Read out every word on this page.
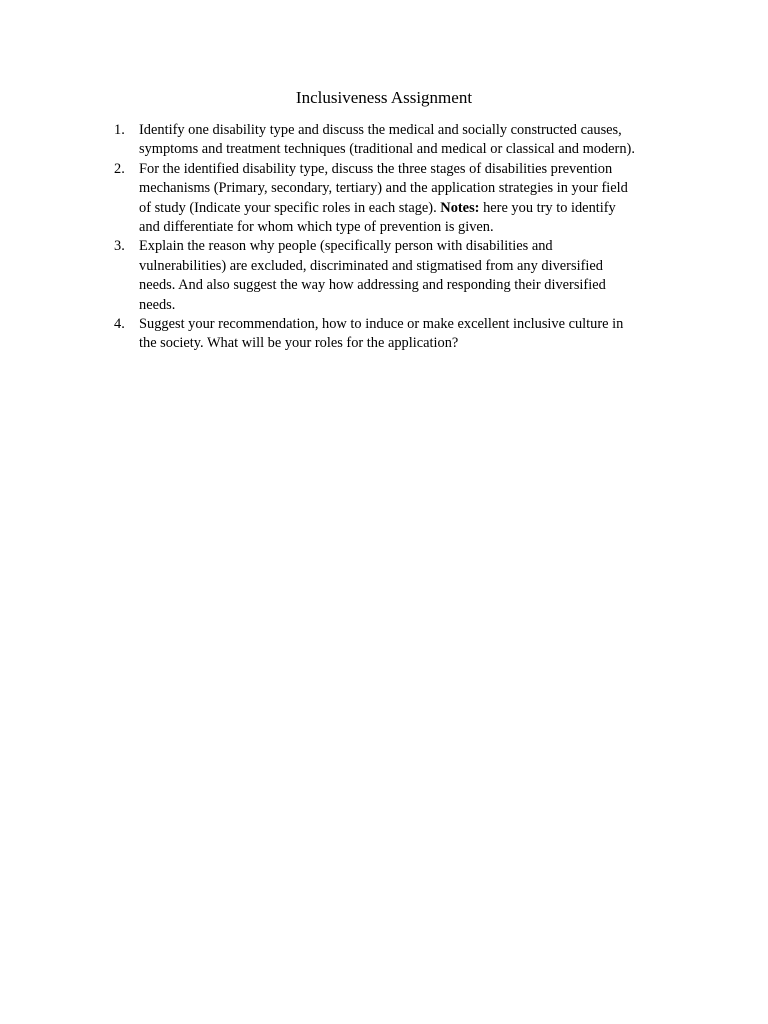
Inclusiveness Assignment
1. Identify one disability type and discuss the medical and socially constructed causes,
symptoms and treatment techniques (traditional and medical or classical and modern).
2. For the identified disability type, discuss the three stages of disabilities prevention
mechanisms (Primary, secondary, tertiary) and the application strategies in your field
of study (Indicate your specific roles in each stage). Notes: here you try to identify
and differentiate for whom which type of prevention is given.
3. Explain the reason why people (specifically person with disabilities and
vulnerabilities) are excluded, discriminated and stigmatised from any diversified
needs. And also suggest the way how addressing and responding their diversified
needs.
4. Suggest your recommendation, how to induce or make excellent inclusive culture in
the society. What will be your roles for the application?
